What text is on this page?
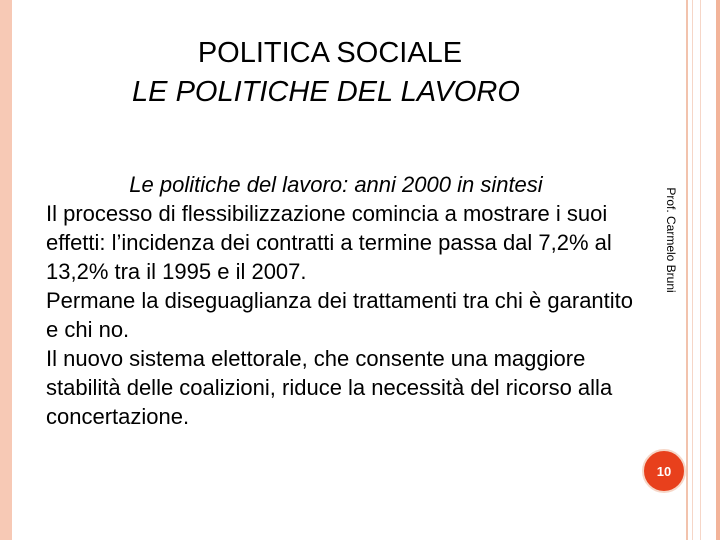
POLITICA SOCIALE
LE POLITICHE DEL LAVORO
Le politiche del lavoro: anni 2000 in sintesi
Il processo di flessibilizzazione comincia a mostrare i suoi effetti: l’incidenza dei contratti a termine passa dal 7,2% al 13,2% tra il 1995 e il 2007.
Permane la diseguaglianza dei trattamenti tra chi è garantito e chi no.
Il nuovo sistema elettorale, che consente una maggiore stabilità delle coalizioni, riduce la necessità del ricorso alla concertazione.
Prof. Carmelo Bruni
10
